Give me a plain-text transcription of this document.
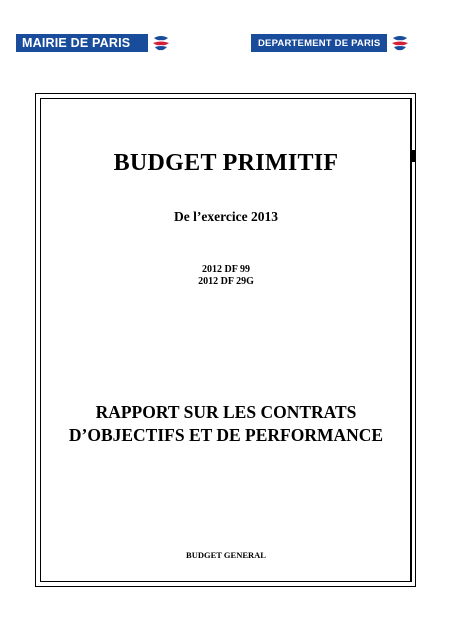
MAIRIE DE PARIS	DEPARTEMENT DE PARIS
BUDGET PRIMITIF
De l’exercice 2013
2012 DF 99
2012 DF 29G
RAPPORT SUR LES CONTRATS
D’OBJECTIFS ET DE PERFORMANCE
BUDGET GENERAL
